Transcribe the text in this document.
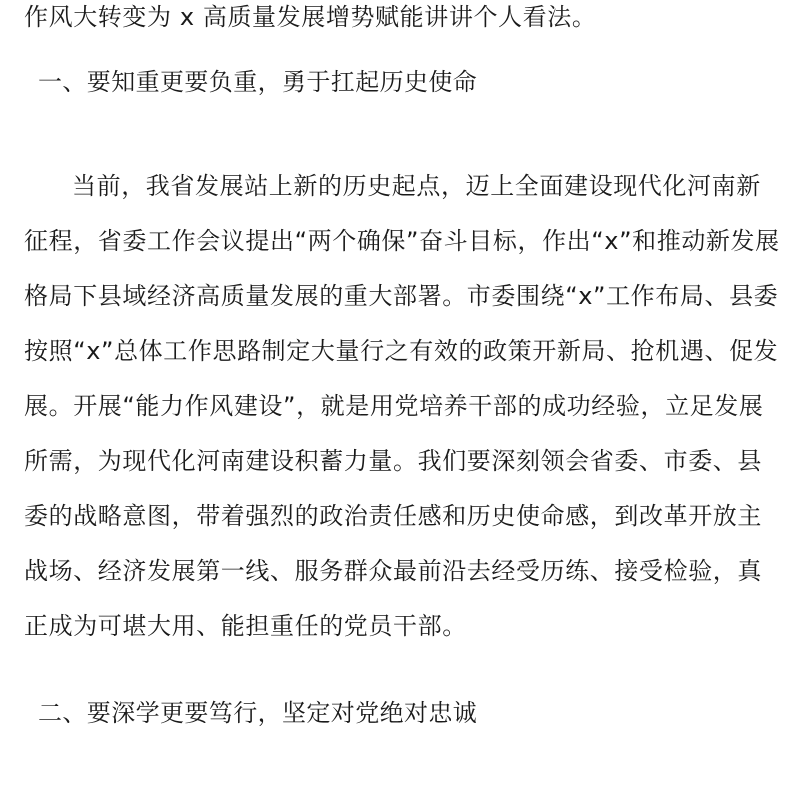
作风大转变为 x 高质量发展增势赋能讲讲个人看法。
一、要知重更要负重，勇于扛起历史使命
当前，我省发展站上新的历史起点，迈上全面建设现代化河南新
征程，省委工作会议提出“两个确保”奋斗目标，作出“x”和推动新发展
格局下县域经济高质量发展的重大部署。市委围绕“x”工作布局、县委
按照“x”总体工作思路制定大量行之有效的政策开新局、抢机遇、促发
展。开展“能力作风建设”，就是用党培养干部的成功经验，立足发展
所需，为现代化河南建设积蓄力量。我们要深刻领会省委、市委、县
委的战略意图，带着强烈的政治责任感和历史使命感，到改革开放主
战场、经济发展第一线、服务群众最前沿去经受历练、接受检验，真
正成为可堪大用、能担重任的党员干部。
二、要深学更要笃行，坚定对党绝对忠诚
